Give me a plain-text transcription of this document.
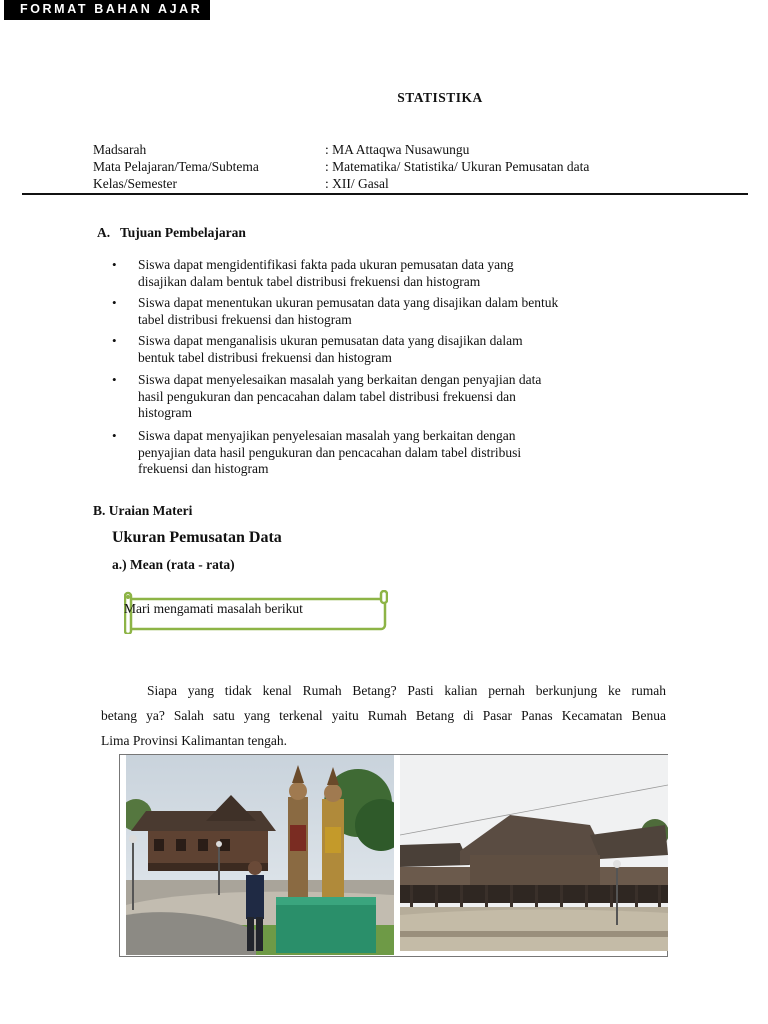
FORMAT BAHAN AJAR
STATISTIKA
Madsarah	: MA Attaqwa Nusawungu
Mata Pelajaran/Tema/Subtema	: Matematika/ Statistika/ Ukuran Pemusatan data
Kelas/Semester	: XII/ Gasal
A. Tujuan Pembelajaran
• Siswa dapat mengidentifikasi fakta pada ukuran pemusatan data yang
disajikan dalam bentuk tabel distribusi frekuensi dan histogram
• Siswa dapat menentukan ukuran pemusatan data yang disajikan dalam bentuk
tabel distribusi frekuensi dan histogram
• Siswa dapat menganalisis ukuran pemusatan data yang disajikan dalam
bentuk tabel distribusi frekuensi dan histogram
• Siswa dapat menyelesaikan masalah yang berkaitan dengan penyajian data
hasil pengukuran dan pencacahan dalam tabel distribusi frekuensi dan
histogram
• Siswa dapat menyajikan penyelesaian masalah yang berkaitan dengan
penyajian data hasil pengukuran dan pencacahan dalam tabel distribusi
frekuensi dan histogram
B. Uraian Materi
Ukuran Pemusatan Data
a.) Mean (rata - rata)
Mari mengamati masalah berikut
Siapa yang tidak kenal Rumah Betang? Pasti kalian pernah berkunjung ke rumah
betang ya? Salah satu yang terkenal yaitu Rumah Betang di Pasar Panas Kecamatan Benua
Lima Provinsi Kalimantan tengah.
